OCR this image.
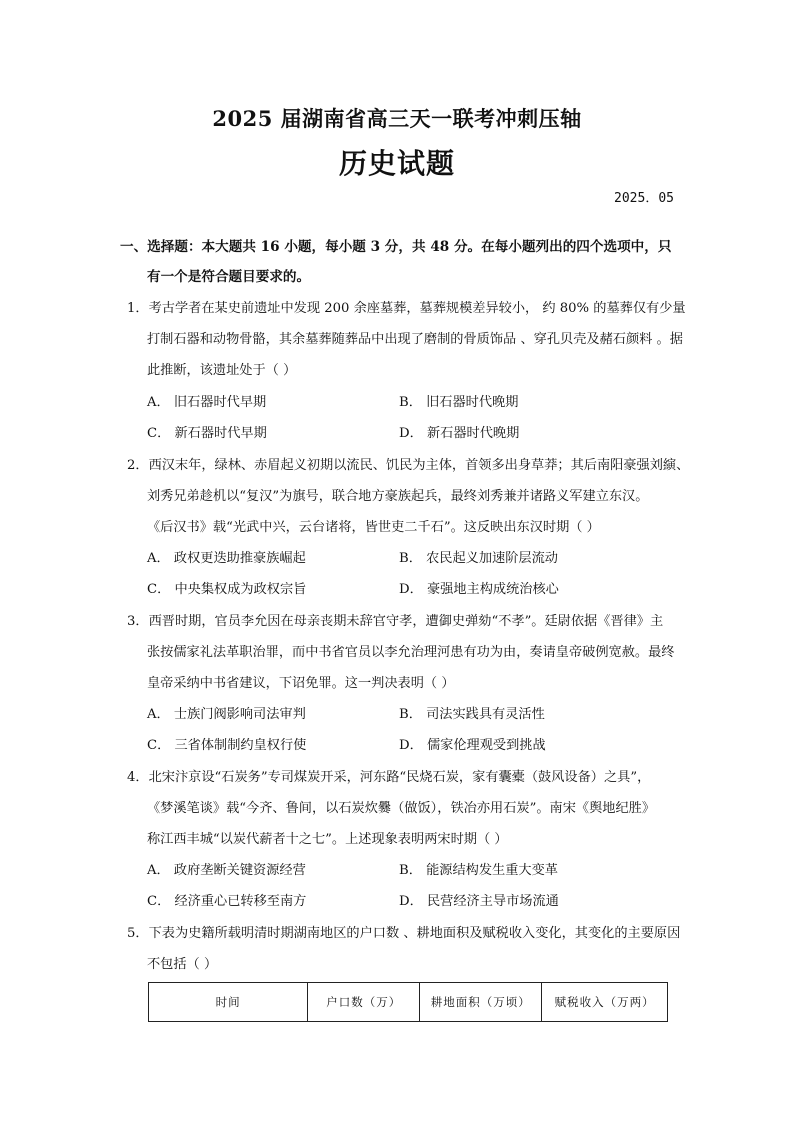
2025 届湖南省高三天一联考冲刺压轴
历史试题
2025．05
一、选择题：本大题共 16 小题，每小题 3 分，共 48 分。在每小题列出的四个选项中，只
有一个是符合题目要求的。
1．考古学者在某史前遗址中发现 200 余座墓葬，墓葬规模差异较小， 约 80% 的墓葬仅有少量
打制石器和动物骨骼，其余墓葬随葬品中出现了磨制的骨质饰品 、穿孔贝壳及赭石颜料 。据
此推断，该遗址处于（ ）
A． 旧石器时代早期	B． 旧石器时代晚期
C． 新石器时代早期	D． 新石器时代晚期
2．西汉末年，绿林、赤眉起义初期以流民、饥民为主体，首领多出身草莽；其后南阳豪强刘縯、
刘秀兄弟趁机以“复汉”为旗号，联合地方豪族起兵，最终刘秀兼并诸路义军建立东汉。
《后汉书》载“光武中兴，云台诸将，皆世吏二千石”。这反映出东汉时期（ ）
A． 政权更迭助推豪族崛起	B． 农民起义加速阶层流动
C． 中央集权成为政权宗旨	D． 豪强地主构成统治核心
3．西晋时期，官员李允因在母亲丧期未辞官守孝，遭御史弹劾“不孝”。廷尉依据《晋律》主
张按儒家礼法革职治罪，而中书省官员以李允治理河患有功为由，奏请皇帝破例宽赦。最终
皇帝采纳中书省建议，下诏免罪。这一判决表明（ ）
A． 士族门阀影响司法审判	B． 司法实践具有灵活性
C． 三省体制制约皇权行使	D． 儒家伦理观受到挑战
4．北宋汴京设“石炭务”专司煤炭开采，河东路“民烧石炭，家有囊橐（鼓风设备）之具”，
《梦溪笔谈》载“今齐、鲁间，以石炭炊爨（做饭），铁冶亦用石炭”。南宋《舆地纪胜》
称江西丰城“以炭代薪者十之七”。上述现象表明两宋时期（ ）
A． 政府垄断关键资源经营	B． 能源结构发生重大变革
C． 经济重心已转移至南方	D． 民营经济主导市场流通
5．下表为史籍所载明清时期湖南地区的户口数 、耕地面积及赋税收入变化，其变化的主要原因
不包括（ ）
时间	户口数（万）	耕地面积（万顷）	赋税收入（万两）
